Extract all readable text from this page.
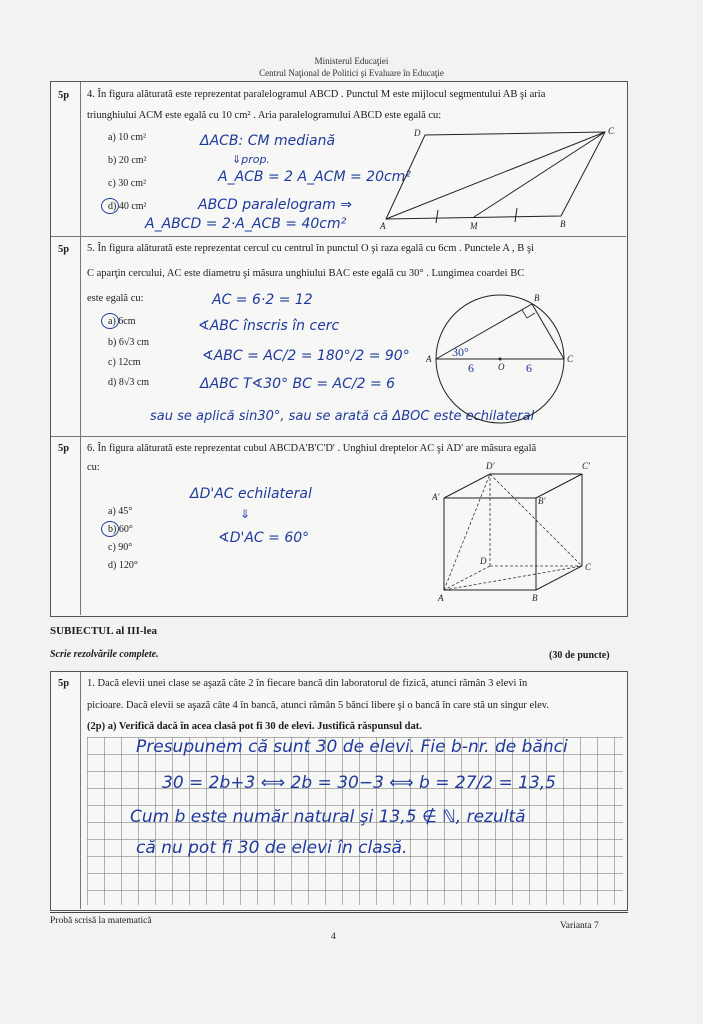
Ministerul Educaţiei
Centrul Naţional de Politici şi Evaluare în Educaţie
5p 4. În figura alăturată este reprezentat paralelogramul ABCD . Punctul M este mijlocul segmentului AB şi aria
triunghiului ACM este egală cu 10 cm² . Aria paralelogramului ABCD este egală cu:
a) 10 cm²
b) 20 cm²
c) 30 cm²
d) 40 cm²
ΔACB: CM mediană
⇓prop.
A_ACB = 2 A_ACM = 20cm²
ABCD paralelogram ⇒
A_ABCD = 2·A_ACB = 40cm²
D	C
A	M	B
5p 5. În figura alăturată este reprezentat cercul cu centrul în punctul O şi raza egală cu 6cm . Punctele A , B şi
C aparţin cercului, AC este diametru şi măsura unghiului BAC este egală cu 30° . Lungimea coardei BC
este egală cu:
a) 6cm
b) 6√3 cm
c) 12cm
d) 8√3 cm
AC = 6·2 = 12
∢ABC înscris în cerc
∢ABC = AC/2 = 180°/2 = 90°
ΔABC T∢30° BC = AC/2 = 6
sau se aplică sin30°, sau se arată că ΔBOC este echilateral
B
A
O
C
30°
6	6
5p 6. În figura alăturată este reprezentat cubul ABCDA'B'C'D' . Unghiul dreptelor AC şi AD' are măsura egală
cu:
a) 45°
b) 60°
c) 90°
d) 120°
ΔD'AC echilateral
⇓
∢D'AC = 60°
D'	C'
A'	B'
D
C
A	B
SUBIECTUL al III-lea
Scrie rezolvările complete.	(30 de puncte)
5p 1. Dacă elevii unei clase se aşază câte 2 în fiecare bancă din laboratorul de fizică, atunci rămân 3 elevi în
picioare. Dacă elevii se aşază câte 4 în bancă, atunci rămân 5 bănci libere şi o bancă în care stă un singur elev.
(2p) a) Verifică dacă în acea clasă pot fi 30 de elevi. Justifică răspunsul dat.
Presupunem că sunt 30 de elevi. Fie b-nr. de bănci
30 = 2b+3 ⟺ 2b = 30−3 ⟺ b = 27/2 = 13,5
Cum b este număr natural şi 13,5 ∉ ℕ, rezultă
că nu pot fi 30 de elevi în clasă.
Probă scrisă la matematică	Varianta 7
4
